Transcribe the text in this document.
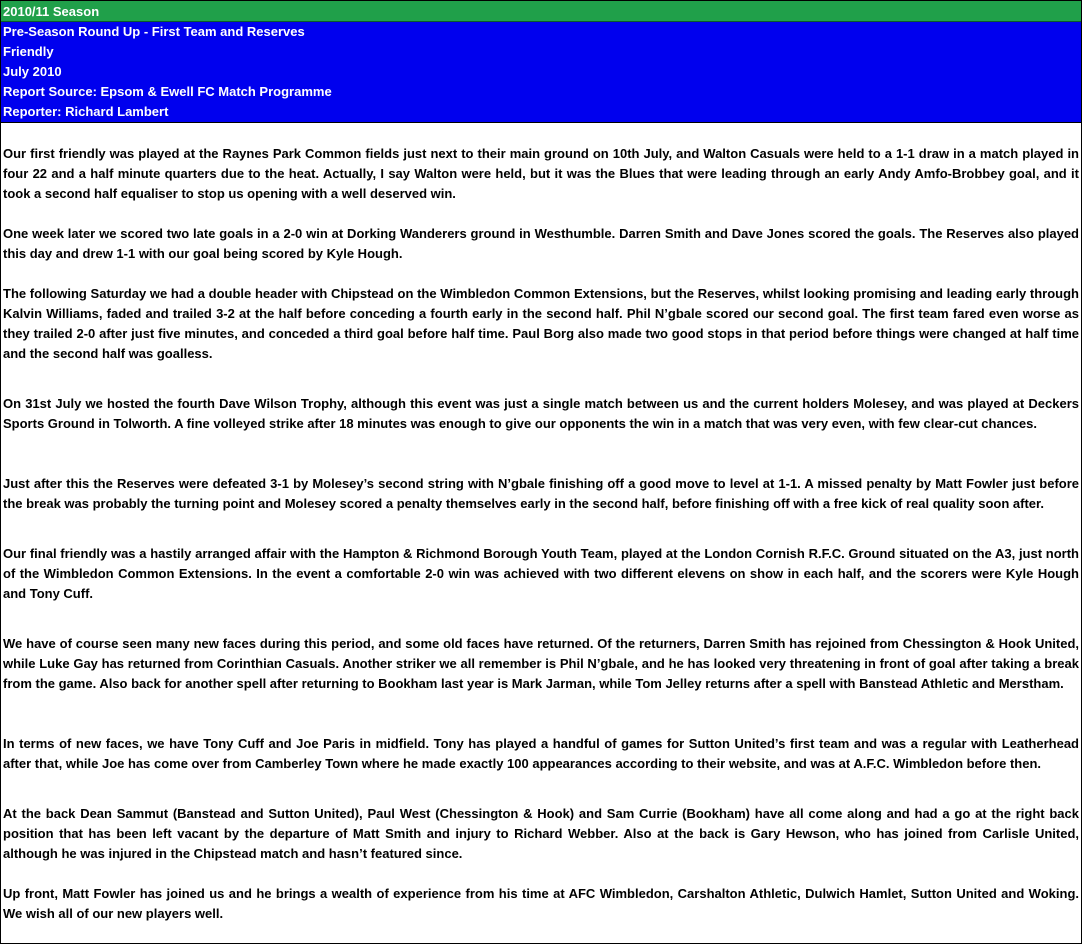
2010/11 Season
Pre-Season Round Up - First Team and Reserves
Friendly
July 2010
Report Source: Epsom & Ewell FC Match Programme
Reporter: Richard Lambert

Our first friendly was played at the Raynes Park Common fields just next to their main ground on 10th July, and Walton Casuals were held to a 1-1 draw in a match played in four 22 and a half minute quarters due to the heat. Actually, I say Walton were held, but it was the Blues that were leading through an early Andy Amfo-Brobbey goal, and it took a second half equaliser to stop us opening with a well deserved win.

One week later we scored two late goals in a 2-0 win at Dorking Wanderers ground in Westhumble. Darren Smith and Dave Jones scored the goals. The Reserves also played this day and drew 1-1 with our goal being scored by Kyle Hough.

The following Saturday we had a double header with Chipstead on the Wimbledon Common Extensions, but the Reserves, whilst looking promising and leading early through Kalvin Williams, faded and trailed 3-2 at the half before conceding a fourth early in the second half. Phil N’gbale scored our second goal. The first team fared even worse as they trailed 2-0 after just five minutes, and conceded a third goal before half time. Paul Borg also made two good stops in that period before things were changed at half time and the second half was goalless.

On 31st July we hosted the fourth Dave Wilson Trophy, although this event was just a single match between us and the current holders Molesey, and was played at Deckers Sports Ground in Tolworth. A fine volleyed strike after 18 minutes was enough to give our opponents the win in a match that was very even, with few clear-cut chances.

Just after this the Reserves were defeated 3-1 by Molesey’s second string with N’gbale finishing off a good move to level at 1-1. A missed penalty by Matt Fowler just before the break was probably the turning point and Molesey scored a penalty themselves early in the second half, before finishing off with a free kick of real quality soon after.

Our final friendly was a hastily arranged affair with the Hampton & Richmond Borough Youth Team, played at the London Cornish R.F.C. Ground situated on the A3, just north of the Wimbledon Common Extensions. In the event a comfortable 2-0 win was achieved with two different elevens on show in each half, and the scorers were Kyle Hough and Tony Cuff.

We have of course seen many new faces during this period, and some old faces have returned. Of the returners, Darren Smith has rejoined from Chessington & Hook United, while Luke Gay has returned from Corinthian Casuals. Another striker we all remember is Phil N’gbale, and he has looked very threatening in front of goal after taking a break from the game. Also back for another spell after returning to Bookham last year is Mark Jarman, while Tom Jelley returns after a spell with Banstead Athletic and Merstham.

In terms of new faces, we have Tony Cuff and Joe Paris in midfield. Tony has played a handful of games for Sutton United’s first team and was a regular with Leatherhead after that, while Joe has come over from Camberley Town where he made exactly 100 appearances according to their website, and was at A.F.C. Wimbledon before then.

At the back Dean Sammut (Banstead and Sutton United), Paul West (Chessington & Hook) and Sam Currie (Bookham) have all come along and had a go at the right back position that has been left vacant by the departure of Matt Smith and injury to Richard Webber. Also at the back is Gary Hewson, who has joined from Carlisle United, although he was injured in the Chipstead match and hasn’t featured since.

Up front, Matt Fowler has joined us and he brings a wealth of experience from his time at AFC Wimbledon, Carshalton Athletic, Dulwich Hamlet, Sutton United and Woking. We wish all of our new players well.
